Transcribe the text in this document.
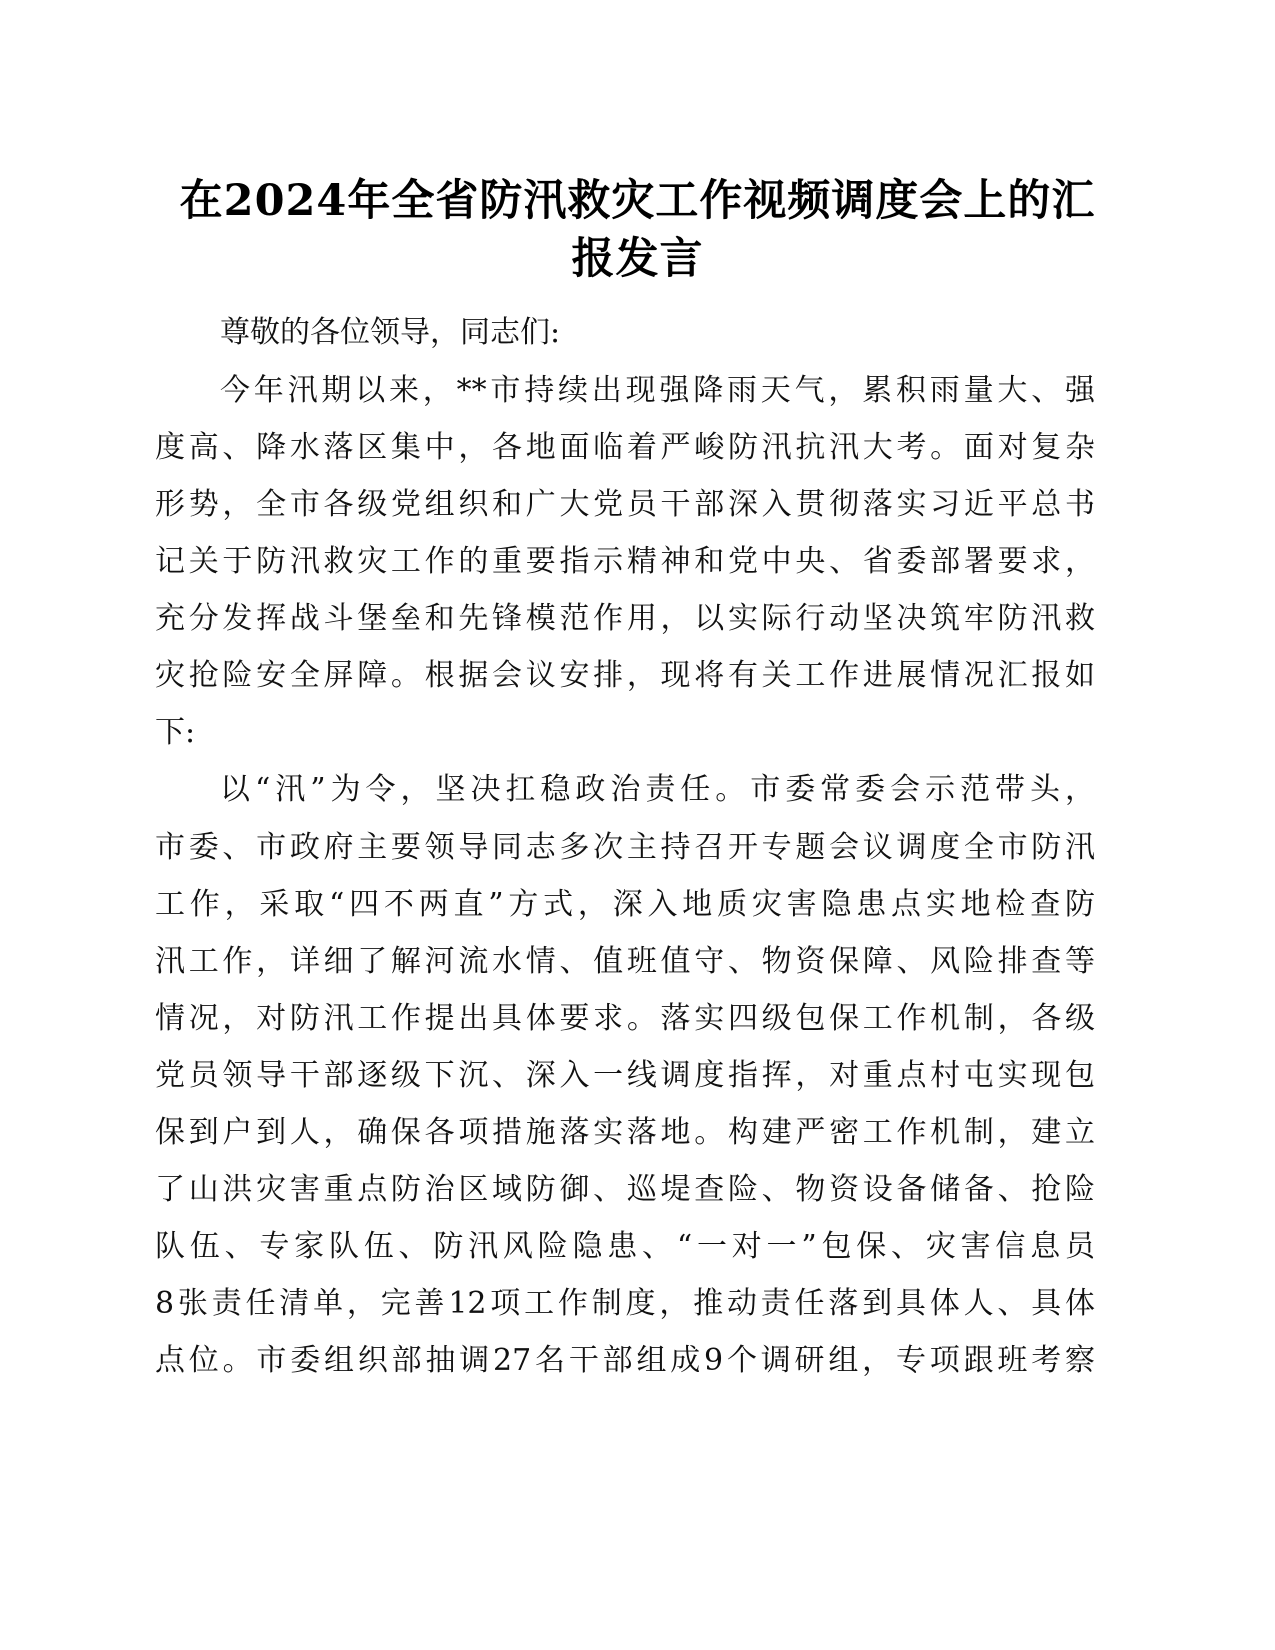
在2024年全省防汛救灾工作视频调度会上的汇
报发言
尊敬的各位领导，同志们:
今年汛期以来，**市持续出现强降雨天气，累积雨量大、强
度高、降水落区集中，各地面临着严峻防汛抗汛大考。面对复杂
形势，全市各级党组织和广大党员干部深入贯彻落实习近平总书
记关于防汛救灾工作的重要指示精神和党中央、省委部署要求，
充分发挥战斗堡垒和先锋模范作用，以实际行动坚决筑牢防汛救
灾抢险安全屏障。根据会议安排，现将有关工作进展情况汇报如
下:
以“汛”为令，坚决扛稳政治责任。市委常委会示范带头，
市委、市政府主要领导同志多次主持召开专题会议调度全市防汛
工作，采取“四不两直”方式，深入地质灾害隐患点实地检查防
汛工作，详细了解河流水情、值班值守、物资保障、风险排查等
情况，对防汛工作提出具体要求。落实四级包保工作机制，各级
党员领导干部逐级下沉、深入一线调度指挥，对重点村屯实现包
保到户到人，确保各项措施落实落地。构建严密工作机制，建立
了山洪灾害重点防治区域防御、巡堤查险、物资设备储备、抢险
队伍、专家队伍、防汛风险隐患、“一对一”包保、灾害信息员
8张责任清单，完善12项工作制度，推动责任落到具体人、具体
点位。市委组织部抽调27名干部组成9个调研组，专项跟班考察
